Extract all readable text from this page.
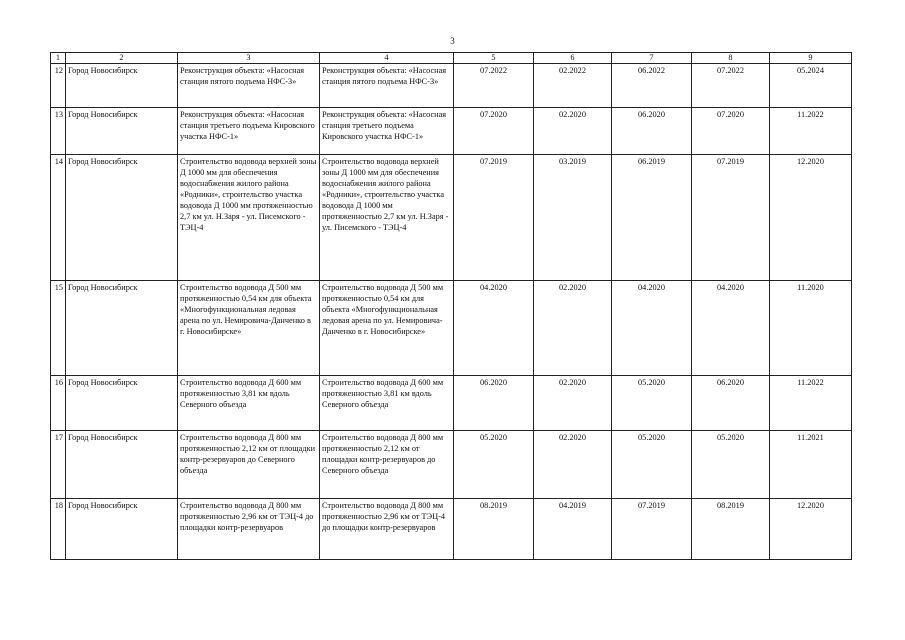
3
1	2	3	4	5	6	7	8	9
12	Город Новосибирск	Реконструкция объекта: «Насосная станция пятого подъема НФС-3»	Реконструкция объекта: «Насосная станция пятого подъема НФС-3»	07.2022	02.2022	06.2022	07.2022	05.2024
13	Город Новосибирск	Реконструкция объекта: «Насосная станция третьего подъема Кировского участка НФС-1»	Реконструкция объекта: «Насосная станция третьего подъема Кировского участка НФС-1»	07.2020	02.2020	06.2020	07.2020	11.2022
14	Город Новосибирск	Строительство водовода верхней зоны Д 1000 мм для обеспечения водоснабжения жилого района «Родники», строительство участка водовода Д 1000 мм протяженностью 2,7 км ул. Н.Заря - ул. Писемского - ТЭЦ-4	Строительство водовода верхней зоны Д 1000 мм для обеспечения водоснабжения жилого района «Родники», строительство участка водовода Д 1000 мм протяженностью 2,7 км ул. Н.Заря - ул. Писемского - ТЭЦ-4	07.2019	03.2019	06.2019	07.2019	12.2020
15	Город Новосибирск	Строительство водовода Д 500 мм протяженностью 0,54 км для объекта «Многофункциональная ледовая арена по ул. Немировича-Данченко в г. Новосибирске»	Строительство водовода Д 500 мм протяженностью 0,54 км для объекта «Многофункциональная ледовая арена по ул. Немировича-Данченко в г. Новосибирске»	04.2020	02.2020	04.2020	04.2020	11.2020
16	Город Новосибирск	Строительство водовода Д 600 мм протяженностью 3,81 км вдоль Северного объезда	Строительство водовода Д 600 мм протяженностью 3,81 км вдоль Северного объезда	06.2020	02.2020	05.2020	06.2020	11.2022
17	Город Новосибирск	Строительство водовода Д 800 мм протяженностью 2,12 км от площадки контр-резервуаров до Северного объезда	Строительство водовода Д 800 мм протяженностью 2,12 км от площадки контр-резервуаров до Северного объезда	05.2020	02.2020	05.2020	05.2020	11.2021
18	Город Новосибирск	Строительство водовода Д 800 мм протяженностью 2,96 км от ТЭЦ-4 до площадки контр-резервуаров	Строительство водовода Д 800 мм протяженностью 2,96 км от ТЭЦ-4 до площадки контр-резервуаров	08.2019	04.2019	07.2019	08.2019	12.2020
